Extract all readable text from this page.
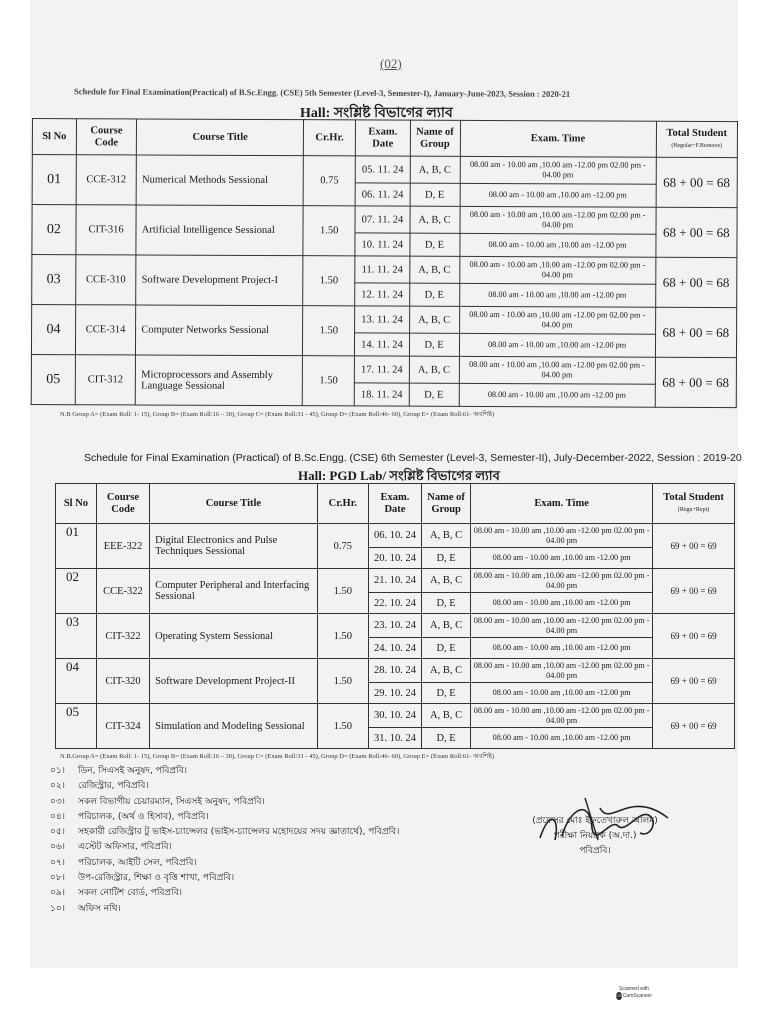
(02)
Schedule for Final Examination(Practical) of B.Sc.Engg. (CSE) 5th Semester (Level-3, Semester-I), January-June-2023, Session : 2020-21
Hall: সংশ্লিষ্ট বিভাগের ল্যাব
Sl No	Course Code	Course Title	Cr.Hr.	Exam. Date	Name of Group	Exam. Time	Total Student
(Regular+F.Remove)

01	CCE-312	Numerical Methods Sessional	0.75	05. 11. 24	A, B, C	08.00 am - 10.00 am ,10.00 am -12.00 pm 02.00 pm - 04.00 pm	68 + 00 = 68
				06. 11. 24	D, E	08.00 am - 10.00 am ,10.00 am -12.00 pm	
02	CIT-316	Artificial Intelligence Sessional	1.50	07. 11. 24	A, B, C	08.00 am - 10.00 am ,10.00 am -12.00 pm 02.00 pm - 04.00 pm	68 + 00 = 68
				10. 11. 24	D, E	08.00 am - 10.00 am ,10.00 am -12.00 pm	
03	CCE-310	Software Development Project-I	1.50	11. 11. 24	A, B, C	08.00 am - 10.00 am ,10.00 am -12.00 pm 02.00 pm - 04.00 pm	68 + 00 = 68
				12. 11. 24	D, E	08.00 am - 10.00 am ,10.00 am -12.00 pm	
04	CCE-314	Computer Networks Sessional	1.50	13. 11. 24	A, B, C	08.00 am - 10.00 am ,10.00 am -12.00 pm 02.00 pm - 04.00 pm	68 + 00 = 68
				14. 11. 24	D, E	08.00 am - 10.00 am ,10.00 am -12.00 pm	
05	CIT-312	Microprocessors and Assembly Language Sessional	1.50	17. 11. 24	A, B, C	08.00 am - 10.00 am ,10.00 am -12.00 pm 02.00 pm - 04.00 pm	68 + 00 = 68
				18. 11. 24	D, E	08.00 am - 10.00 am ,10.00 am -12.00 pm	
N.B Group A= (Exam Roll: 1- 15), Group B= (Exam Roll:16 – 30), Group C= (Exam Roll:31 - 45), Group D= (Exam Roll:46- 60), Group E= (Exam Roll:61- অবশিষ্ট)
Schedule for Final Examination (Practical) of B.Sc.Engg. (CSE) 6th Semester (Level-3, Semester-II), July-December-2022, Session : 2019-20
Hall: PGD Lab/ সংশ্লিষ্ট বিভাগের ল্যাব
Sl No	Course Code	Course Title	Cr.Hr.	Exam. Date	Name of Group	Exam. Time	Total Student
(Regu+Rept)

01	EEE-322	Digital Electronics and Pulse Techniques Sessional	0.75	06. 10. 24	A, B, C	08.00 am - 10.00 am ,10.00 am -12.00 pm 02.00 pm - 04.00 pm	69 + 00 = 69
				20. 10. 24	D, E	08.00 am - 10.00 am ,10.00 am -12.00 pm	
02	CCE-322	Computer Peripheral and Interfacing Sessional	1.50	21. 10. 24	A, B, C	08.00 am - 10.00 am ,10.00 am -12.00 pm 02.00 pm - 04.00 pm	69 + 00 = 69
				22. 10. 24	D, E	08.00 am - 10.00 am ,10.00 am -12.00 pm	
03	CIT-322	Operating System Sessional	1.50	23. 10. 24	A, B, C	08.00 am - 10.00 am ,10.00 am -12.00 pm 02.00 pm - 04.00 pm	69 + 00 = 69
				24. 10. 24	D, E	08.00 am - 10.00 am ,10.00 am -12.00 pm	
04	CIT-320	Software Development Project-II	1.50	28. 10. 24	A, B, C	08.00 am - 10.00 am ,10.00 am -12.00 pm 02.00 pm - 04.00 pm	69 + 00 = 69
				29. 10. 24	D, E	08.00 am - 10.00 am ,10.00 am -12.00 pm	
05	CIT-324	Simulation and Modeling Sessional	1.50	30. 10. 24	A, B, C	08.00 am - 10.00 am ,10.00 am -12.00 pm 02.00 pm - 04.00 pm	69 + 00 = 69
				31. 10. 24	D, E	08.00 am - 10.00 am ,10.00 am -12.00 pm	
N.B.Group A= (Exam Roll: 1- 15), Group B= (Exam Roll:16 – 30), Group C= (Exam Roll:31 - 45), Group D= (Exam Roll:46- 60), Group E= (Exam Roll:61- অবশিষ্ট)
০১।	ডিন, সিএসই অনুষদ, পবিপ্রবি।
০২।	রেজিস্ট্রার, পবিপ্রবি।
০৩।	সকল বিভাগীয় চেয়ারম্যান, সিএসই অনুষদ, পবিপ্রবি।
০৪।	পরিচালক, (অর্থ ও হিসাব), পবিপ্রবি।
০৫।	সহকারী রেজিস্ট্রার টু ভাইস-চ্যান্সেলর (ভাইস-চ্যান্সেলর মহোদয়ের সদয় জ্ঞাতার্থে), পবিপ্রবি।
০৬।	এস্টেট অফিসার, পবিপ্রবি।
০৭।	পরিচালক, আইটি সেল, পবিপ্রবি।
০৮।	উপ-রেজিস্ট্রার, শিক্ষা ও বৃত্তি শাখা, পবিপ্রবি।
০৯।	সকল নোটিশ বোর্ড, পবিপ্রবি।
১০।	অফিস নথি।
(প্রফেসর মোঃ ইফতেখারুল আলম)
পরীক্ষা নিয়ন্ত্রক (অ.দা.)
পবিপ্রবি।
Scanned with
CS CamScanner
